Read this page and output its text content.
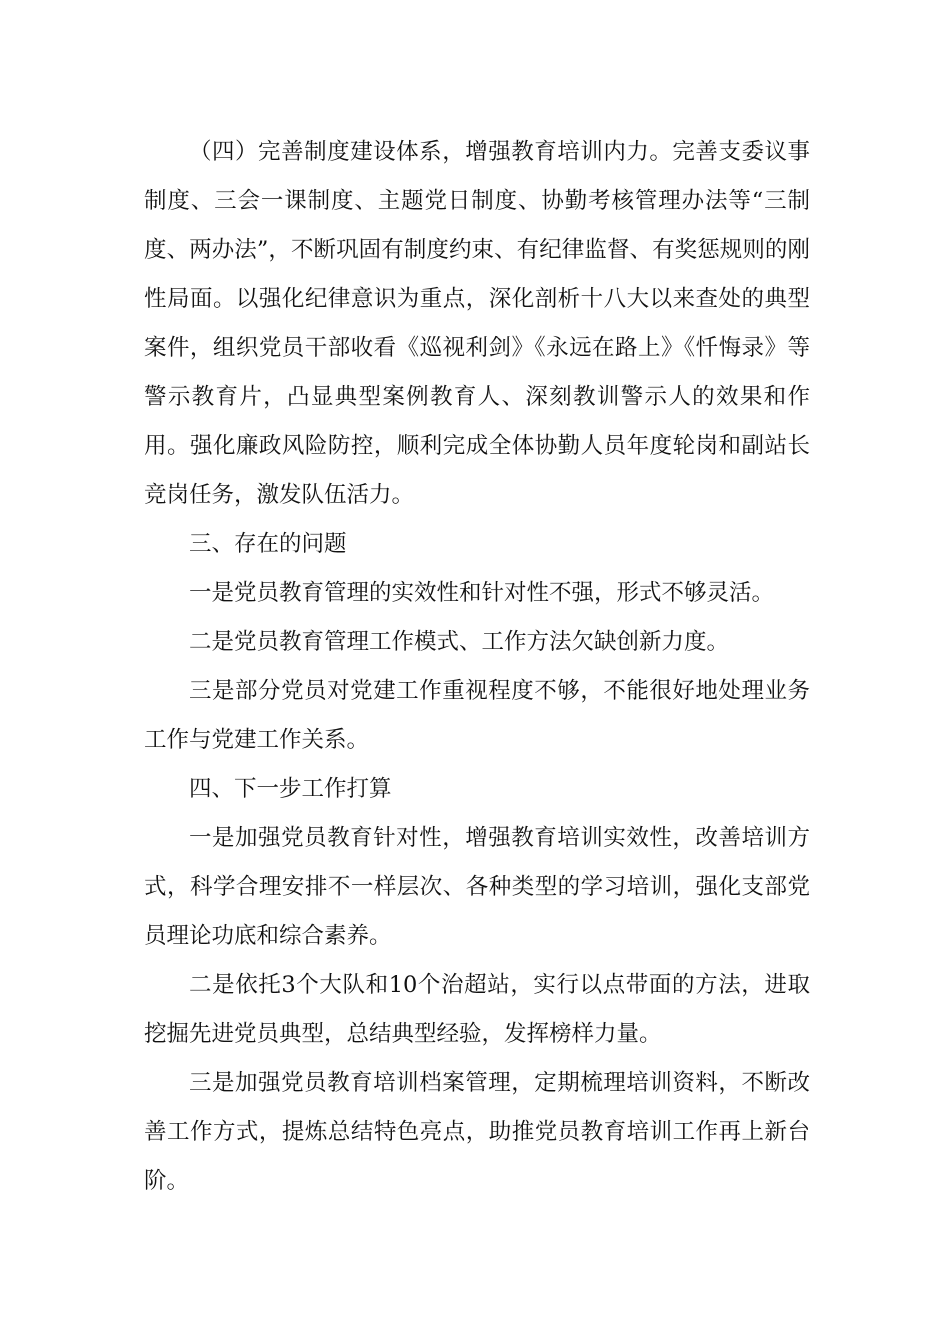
（四）完善制度建设体系，增强教育培训内力。完善支委议事制度、三会一课制度、主题党日制度、协勤考核管理办法等“三制度、两办法”，不断巩固有制度约束、有纪律监督、有奖惩规则的刚性局面。以强化纪律意识为重点，深化剖析十八大以来查处的典型案件，组织党员干部收看《巡视利剑》《永远在路上》《忏悔录》等警示教育片，凸显典型案例教育人、深刻教训警示人的效果和作用。强化廉政风险防控，顺利完成全体协勤人员年度轮岗和副站长竞岗任务，激发队伍活力。

三、存在的问题

一是党员教育管理的实效性和针对性不强，形式不够灵活。

二是党员教育管理工作模式、工作方法欠缺创新力度。

三是部分党员对党建工作重视程度不够，不能很好地处理业务工作与党建工作关系。

四、下一步工作打算

一是加强党员教育针对性，增强教育培训实效性，改善培训方式，科学合理安排不一样层次、各种类型的学习培训，强化支部党员理论功底和综合素养。

二是依托3个大队和10个治超站，实行以点带面的方法，进取挖掘先进党员典型，总结典型经验，发挥榜样力量。

三是加强党员教育培训档案管理，定期梳理培训资料，不断改善工作方式，提炼总结特色亮点，助推党员教育培训工作再上新台阶。
